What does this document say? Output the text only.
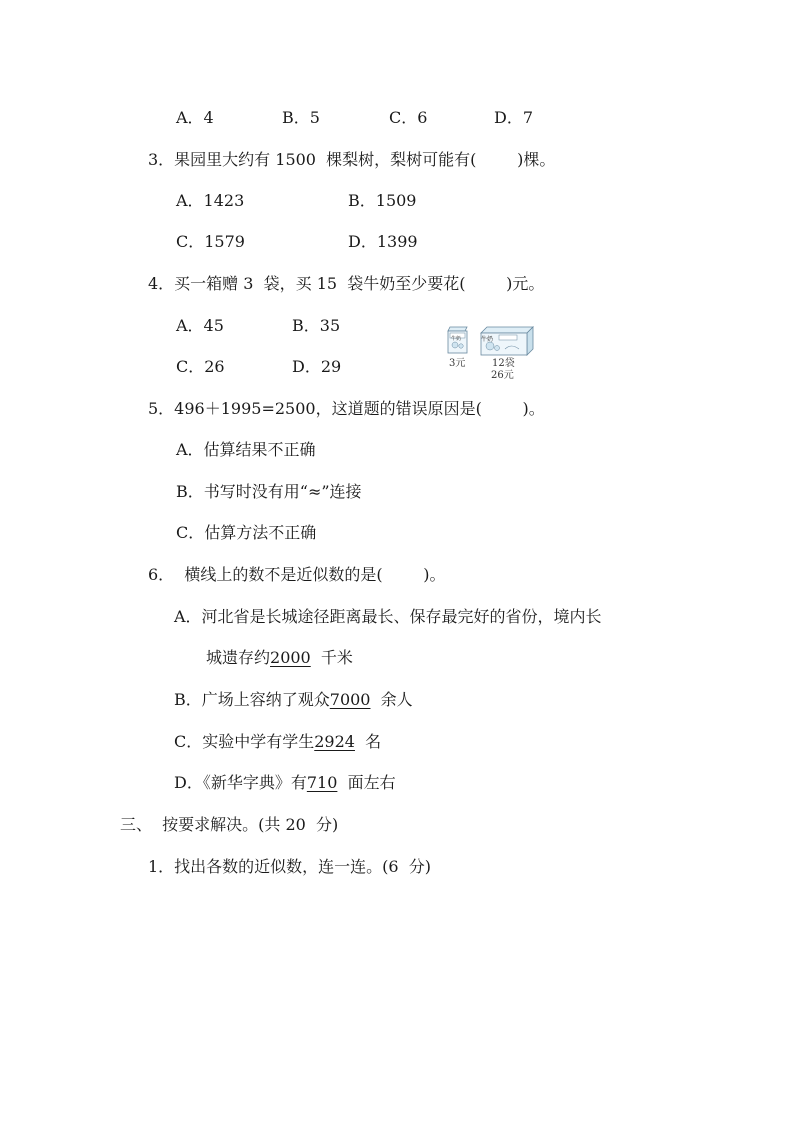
A．4	B．5	C．6	D．7
3．果园里大约有 1500  棵梨树，梨树可能有(        )棵。
A．1423	B．1509
C．1579	D．1399
4．买一箱赠 3  袋，买 15  袋牛奶至少要花(        )元。
A．45	B．35
C．26	D．29
牛奶
牛奶
3元	12袋
26元
5．496＋1995=2500，这道题的错误原因是(        )。
A．估算结果不正确
B．书写时没有用“≈”连接
C．估算方法不正确
6．  横线上的数不是近似数的是(        )。
A．河北省是长城途径距离最长、保存最完好的省份，境内长
城遗存约2000  千米
B．广场上容纳了观众7000  余人
C．实验中学有学生2924  名
D．《新华字典》有710  面左右
三、  按要求解决。(共 20  分)
1．找出各数的近似数，连一连。(6  分)
